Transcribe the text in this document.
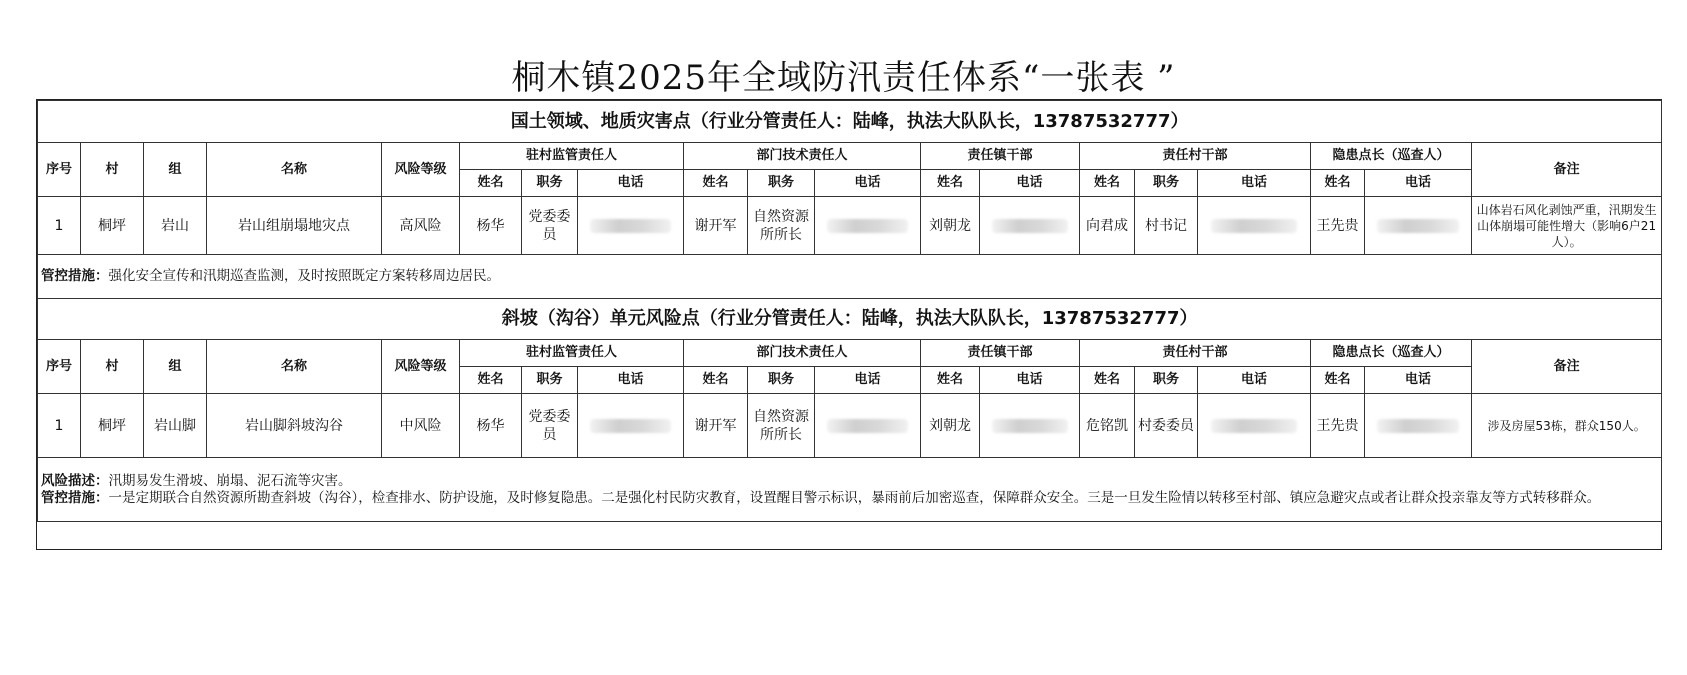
桐木镇2025年全域防汛责任体系“一张表 ”
国土领域、地质灾害点（行业分管责任人：陆峰，执法大队队长，13787532777）																		
序号	村	组	名称	风险等级	驻村监管责任人			部门技术责任人			责任镇干部		责任村干部			隐患点长（巡查人）		备注
					姓名	职务	电话	姓名	职务	电话	姓名	电话	姓名	职务	电话	姓名	电话	
1	桐坪	岩山	岩山组崩塌地灾点	高风险	杨华	党委委员		谢开军	自然资源所所长		刘朝龙		向君成	村书记		王先贵		山体岩石风化剥蚀严重，汛期发生山体崩塌可能性增大（影响6户21人）。
管控措施：强化安全宣传和汛期巡查监测，及时按照既定方案转移周边居民。																		
斜坡（沟谷）单元风险点（行业分管责任人：陆峰，执法大队队长，13787532777）																		
序号	村	组	名称	风险等级	驻村监管责任人			部门技术责任人			责任镇干部		责任村干部			隐患点长（巡查人）		备注
					姓名	职务	电话	姓名	职务	电话	姓名	电话	姓名	职务	电话	姓名	电话	
1	桐坪	岩山脚	岩山脚斜坡沟谷	中风险	杨华	党委委员		谢开军	自然资源所所长		刘朝龙		危铭凯	村委委员		王先贵		涉及房屋53栋，群众150人。

风险描述：汛期易发生滑坡、崩塌、泥石流等灾害。
管控措施：一是定期联合自然资源所勘查斜坡（沟谷），检查排水、防护设施，及时修复隐患。二是强化村民防灾教育，设置醒目警示标识，暴雨前后加密巡查，保障群众安全。三是一旦发生险情以转移至村部、镇应急避灾点或者让群众投亲靠友等方式转移群众。																		
